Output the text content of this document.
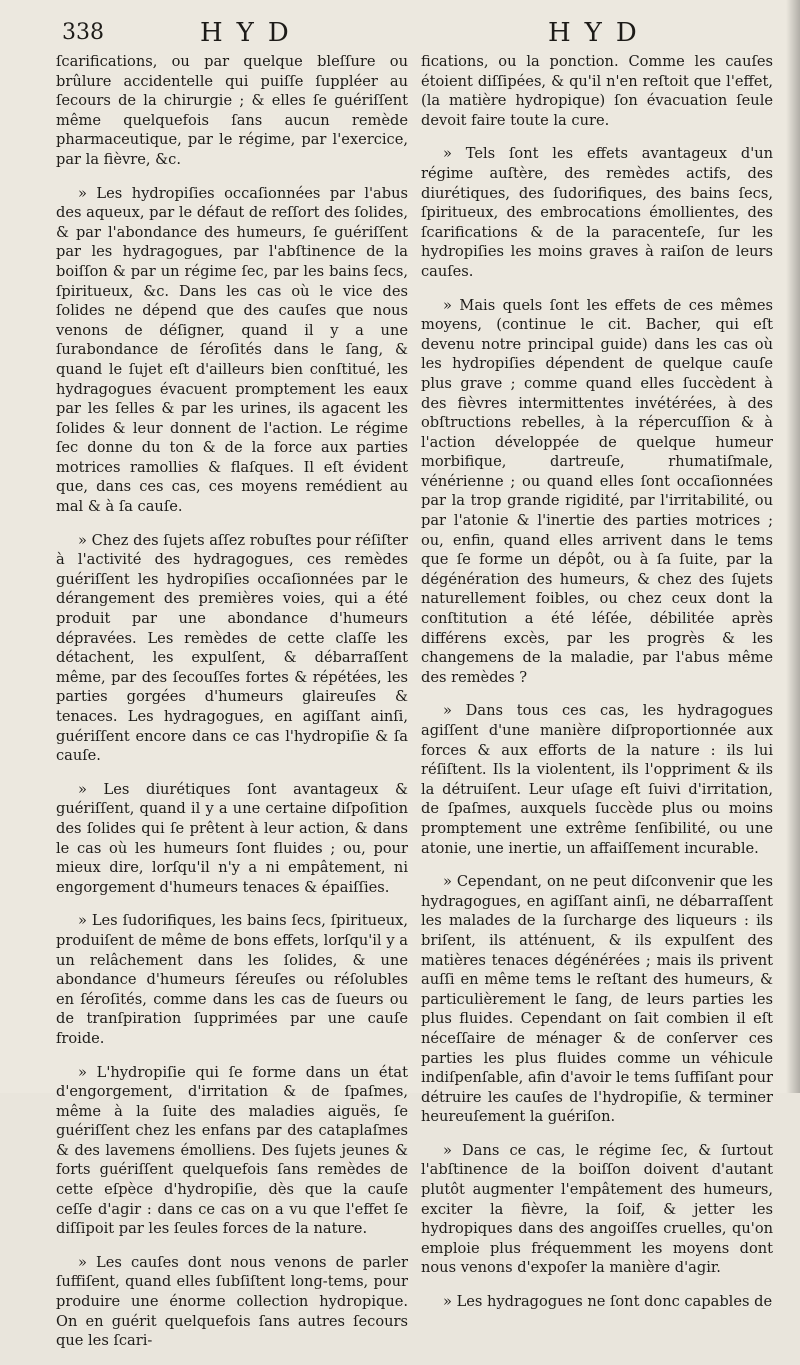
338	HYD	HYD

ſcarifications, ou par quelque bleſſure ou brûlure accidentelle qui puiſſe ſuppléer au ſecours de la chirurgie ; & elles ſe guériſſent même quelquefois ſans aucun remède pharmaceutique, par le régime, par l'exercice, par la fièvre, &c.

» Les hydropiſies occaſionnées par l'abus des aqueux, par le défaut de reſſort des ſolides, & par l'abondance des humeurs, ſe guériſſent par les hydragogues, par l'abſtinence de la boiſſon & par un régime ſec, par les bains ſecs, ſpiritueux, &c. Dans les cas où le vice des ſolides ne dépend que des cauſes que nous venons de déſigner, quand il y a une ſurabondance de ſéroſités dans le ſang, & quand le ſujet eſt d'ailleurs bien conſtitué, les hydragogues évacuent promptement les eaux par les ſelles & par les urines, ils agacent les ſolides & leur donnent de l'action. Le régime ſec donne du ton & de la force aux parties motrices ramollies & flaſques. Il eſt évident que, dans ces cas, ces moyens remédient au mal & à ſa cauſe.

» Chez des ſujets aſſez robuſtes pour réſiſter à l'activité des hydragogues, ces remèdes guériſſent les hydropiſies occaſionnées par le dérangement des premières voies, qui a été produit par une abondance d'humeurs dépravées. Les remèdes de cette claſſe les détachent, les expulſent, & débarraſſent même, par des ſecouſſes fortes & répétées, les parties gorgées d'humeurs glaireuſes & tenaces. Les hydragogues, en agiſſant ainſi, guériſſent encore dans ce cas l'hydropiſie & ſa cauſe.

» Les diurétiques ſont avantageux & guériſſent, quand il y a une certaine diſpoſition des ſolides qui ſe prêtent à leur action, & dans le cas où les humeurs ſont fluides ; ou, pour mieux dire, lorſqu'il n'y a ni empâtement, ni engorgement d'humeurs tenaces & épaiſſies.

» Les ſudorifiques, les bains ſecs, ſpiritueux, produiſent de même de bons effets, lorſqu'il y a un relâchement dans les ſolides, & une abondance d'humeurs ſéreuſes ou réſolubles en ſéroſités, comme dans les cas de ſueurs ou de tranſpiration ſupprimées par une cauſe froide.

» L'hydropiſie qui ſe forme dans un état d'engorgement, d'irritation & de ſpaſmes, même à la ſuite des maladies aiguës, ſe guériſſent chez les enfans par des cataplaſmes & des lavemens émolliens. Des ſujets jeunes & forts guériſſent quelquefois ſans remèdes de cette eſpèce d'hydropiſie, dès que la cauſe ceſſe d'agir : dans ce cas on a vu que l'effet ſe diſſipoit par les ſeules forces de la nature.

» Les cauſes dont nous venons de parler ſuffiſent, quand elles ſubſiſtent long-tems, pour produire une énorme collection hydropique. On en guérit quelquefois ſans autres ſecours que les ſcari-

fications, ou la ponction. Comme les cauſes étoient diſſipées, & qu'il n'en reſtoit que l'effet, (la matière hydropique) ſon évacuation ſeule devoit faire toute la cure.

» Tels ſont les effets avantageux d'un régime auſtère, des remèdes actifs, des diurétiques, des ſudorifiques, des bains ſecs, ſpiritueux, des embrocations émollientes, des ſcarifications & de la paracenteſe, ſur les hydropiſies les moins graves à raiſon de leurs cauſes.

» Mais quels ſont les effets de ces mêmes moyens, (continue le cit. Bacher, qui eſt devenu notre principal guide) dans les cas où les hydropiſies dépendent de quelque cauſe plus grave ; comme quand elles ſuccèdent à des fièvres intermittentes invétérées, à des obſtructions rebelles, à la répercuſſion & à l'action développée de quelque humeur morbifique, dartreuſe, rhumatiſmale, vénérienne ; ou quand elles ſont occaſionnées par la trop grande rigidité, par l'irritabilité, ou par l'atonie & l'inertie des parties motrices ; ou, enfin, quand elles arrivent dans le tems que ſe forme un dépôt, ou à ſa ſuite, par la dégénération des humeurs, & chez des ſujets naturellement foibles, ou chez ceux dont la conſtitution a été léſée, débilitée après différens excès, par les progrès & les changemens de la maladie, par l'abus même des remèdes ?

» Dans tous ces cas, les hydragogues agiſſent d'une manière diſproportionnée aux forces & aux efforts de la nature : ils lui réſiſtent. Ils la violentent, ils l'oppriment & ils la détruiſent. Leur uſage eſt ſuivi d'irritation, de ſpaſmes, auxquels ſuccède plus ou moins promptement une extrême ſenſibilité, ou une atonie, une inertie, un affaiſſement incurable.

» Cependant, on ne peut diſconvenir que les hydragogues, en agiſſant ainſi, ne débarraſſent les malades de la ſurcharge des liqueurs : ils briſent, ils atténuent, & ils expulſent des matières tenaces dégénérées ; mais ils privent auſſi en même tems le reſtant des humeurs, & particulièrement le ſang, de leurs parties les plus fluides. Cependant on ſait combien il eſt néceſſaire de ménager & de conſerver ces parties les plus fluides comme un véhicule indiſpenſable, afin d'avoir le tems ſuffiſant pour détruire les cauſes de l'hydropiſie, & terminer heureuſement la guériſon.

» Dans ce cas, le régime ſec, & ſurtout l'abſtinence de la boiſſon doivent d'autant plutôt augmenter l'empâtement des humeurs, exciter la fièvre, la ſoif, & jetter les hydropiques dans des angoiſſes cruelles, qu'on emploie plus fréquemment les moyens dont nous venons d'expoſer la manière d'agir.

» Les hydragogues ne ſont donc capables de
